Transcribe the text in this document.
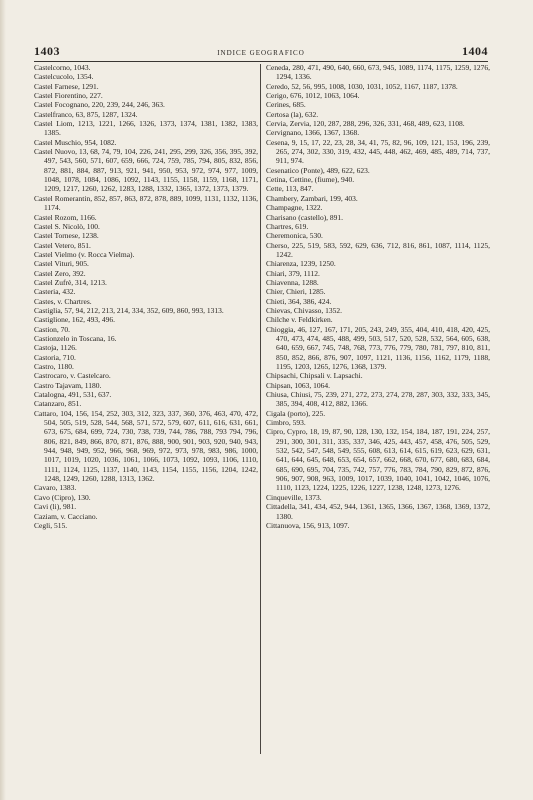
1403	INDICE GEOGRAFICO	1404
Castelcorno, 1043.
Castelcucolo, 1354.
Castel Farnese, 1291.
Castel Fiorentino, 227.
Castel Focognano, 220, 239, 244, 246, 363.
Castelfranco, 63, 875, 1287, 1324.
Castel Liom, 1213, 1221, 1266, 1326, 1373, 1374, 1381, 1382, 1383, 1385.
Castel Muschio, 954, 1082.
Castel Nuovo, 13, 68, 74, 79, 104, 226, 241, 295, 299, 326, 356, 395, 392, 497, 543, 560, 571, 607, 659, 666, 724, 759, 785, 794, 805, 832, 856, 872, 881, 884, 887, 913, 921, 941, 950, 953, 972, 974, 977, 1009, 1048, 1078, 1084, 1086, 1092, 1143, 1155, 1158, 1159, 1168, 1171, 1209, 1217, 1260, 1262, 1283, 1288, 1332, 1365, 1372, 1373, 1379.
Castel Romerantin, 852, 857, 863, 872, 878, 889, 1099, 1131, 1132, 1136, 1174.
Castel Rozom, 1166.
Castel S. Nicolò, 100.
Castel Tornese, 1238.
Castel Vetero, 851.
Castel Vielmo (v. Rocca Vielma).
Castel Vituri, 905.
Castel Zero, 392.
Castel Zufrè, 314, 1213.
Casteria, 432.
Castes, v. Chartres.
Castiglia, 57, 94, 212, 213, 214, 334, 352, 609, 860, 993, 1313.
Castiglione, 162, 493, 496.
Castion, 70.
Castionzelo in Toscana, 16.
Castoja, 1126.
Castoria, 710.
Castro, 1180.
Castrocaro, v. Castelcaro.
Castro Tajavam, 1180.
Catalogna, 491, 531, 637.
Catanzaro, 851.
Cattaro, 104, 156, 154, 252, 303, 312, 323, 337, 360, 376, 463, 470, 472, 504, 505, 519, 528, 544, 568, 571, 572, 579, 607, 611, 616, 631, 661, 673, 675, 684, 699, 724, 730, 738, 739, 744, 786, 788, 793 794, 796, 806, 821, 849, 866, 870, 871, 876, 888, 900, 901, 903, 920, 940, 943, 944, 948, 949, 952, 966, 968, 969, 972, 973, 978, 983, 986, 1000, 1017, 1019, 1020, 1036, 1061, 1066, 1073, 1092, 1093, 1106, 1110, 1111, 1124, 1125, 1137, 1140, 1143, 1154, 1155, 1156, 1204, 1242, 1248, 1249, 1260, 1288, 1313, 1362.
Cavaro, 1383.
Cavo (Cipro), 130.
Cavi (li), 981.
Caziam, v. Cacciano.
Cegli, 515.
Ceneda, 280, 471, 490, 640, 660, 673, 945, 1089, 1174, 1175, 1259, 1276, 1294, 1336.
Ceredo, 52, 56, 995, 1008, 1030, 1031, 1052, 1167, 1187, 1378.
Cerigo, 676, 1012, 1063, 1064.
Cerines, 685.
Certosa (la), 632.
Cervia, Zervia, 120, 287, 288, 296, 326, 331, 468, 489, 623, 1108.
Cervignano, 1366, 1367, 1368.
Cesena, 9, 15, 17, 22, 23, 28, 34, 41, 75, 82, 96, 109, 121, 153, 196, 239, 265, 274, 302, 330, 319, 432, 445, 448, 462, 469, 485, 489, 714, 737, 911, 974.
Cesenatico (Ponte), 489, 622, 623.
Cetina, Cettine, (fiume), 940.
Cette, 113, 847.
Chambery, Zambari, 199, 403.
Champagne, 1322.
Charisano (castello), 891.
Chartres, 619.
Cheremonica, 530.
Cherso, 225, 519, 583, 592, 629, 636, 712, 816, 861, 1087, 1114, 1125, 1242.
Chiarenza, 1239, 1250.
Chiari, 379, 1112.
Chiavenna, 1288.
Chier, Chieri, 1285.
Chieti, 364, 386, 424.
Chievas, Chivasso, 1352.
Chilche v. Feldkirken.
Chioggia, 46, 127, 167, 171, 205, 243, 249, 355, 404, 410, 418, 420, 425, 470, 473, 474, 485, 488, 499, 503, 517, 520, 528, 532, 564, 605, 638, 640, 659, 667, 745, 748, 768, 773, 776, 779, 780, 781, 797, 810, 811, 850, 852, 866, 876, 907, 1097, 1121, 1136, 1156, 1162, 1179, 1188, 1195, 1203, 1265, 1276, 1368, 1379.
Chipsachi, Chipsali v. Lapsachi.
Chipsan, 1063, 1064.
Chiusa, Chiusi, 75, 239, 271, 272, 273, 274, 278, 287, 303, 332, 333, 345, 385, 394, 408, 412, 882, 1366.
Cigala (porto), 225.
Cimbro, 593.
Cipro, Cypro, 18, 19, 87, 90, 128, 130, 132, 154, 184, 187, 191, 224, 257, 291, 300, 301, 311, 335, 337, 346, 425, 443, 457, 458, 476, 505, 529, 532, 542, 547, 548, 549, 555, 608, 613, 614, 615, 619, 623, 629, 631, 641, 644, 645, 648, 653, 654, 657, 662, 668, 670, 677, 680, 683, 684, 685, 690, 695, 704, 735, 742, 757, 776, 783, 784, 790, 829, 872, 876, 906, 907, 908, 963, 1009, 1017, 1039, 1040, 1041, 1042, 1046, 1076, 1110, 1123, 1224, 1225, 1226, 1227, 1238, 1248, 1273, 1276.
Cinqueville, 1373.
Cittadella, 341, 434, 452, 944, 1361, 1365, 1366, 1367, 1368, 1369, 1372, 1380.
Cittanuova, 156, 913, 1097.
